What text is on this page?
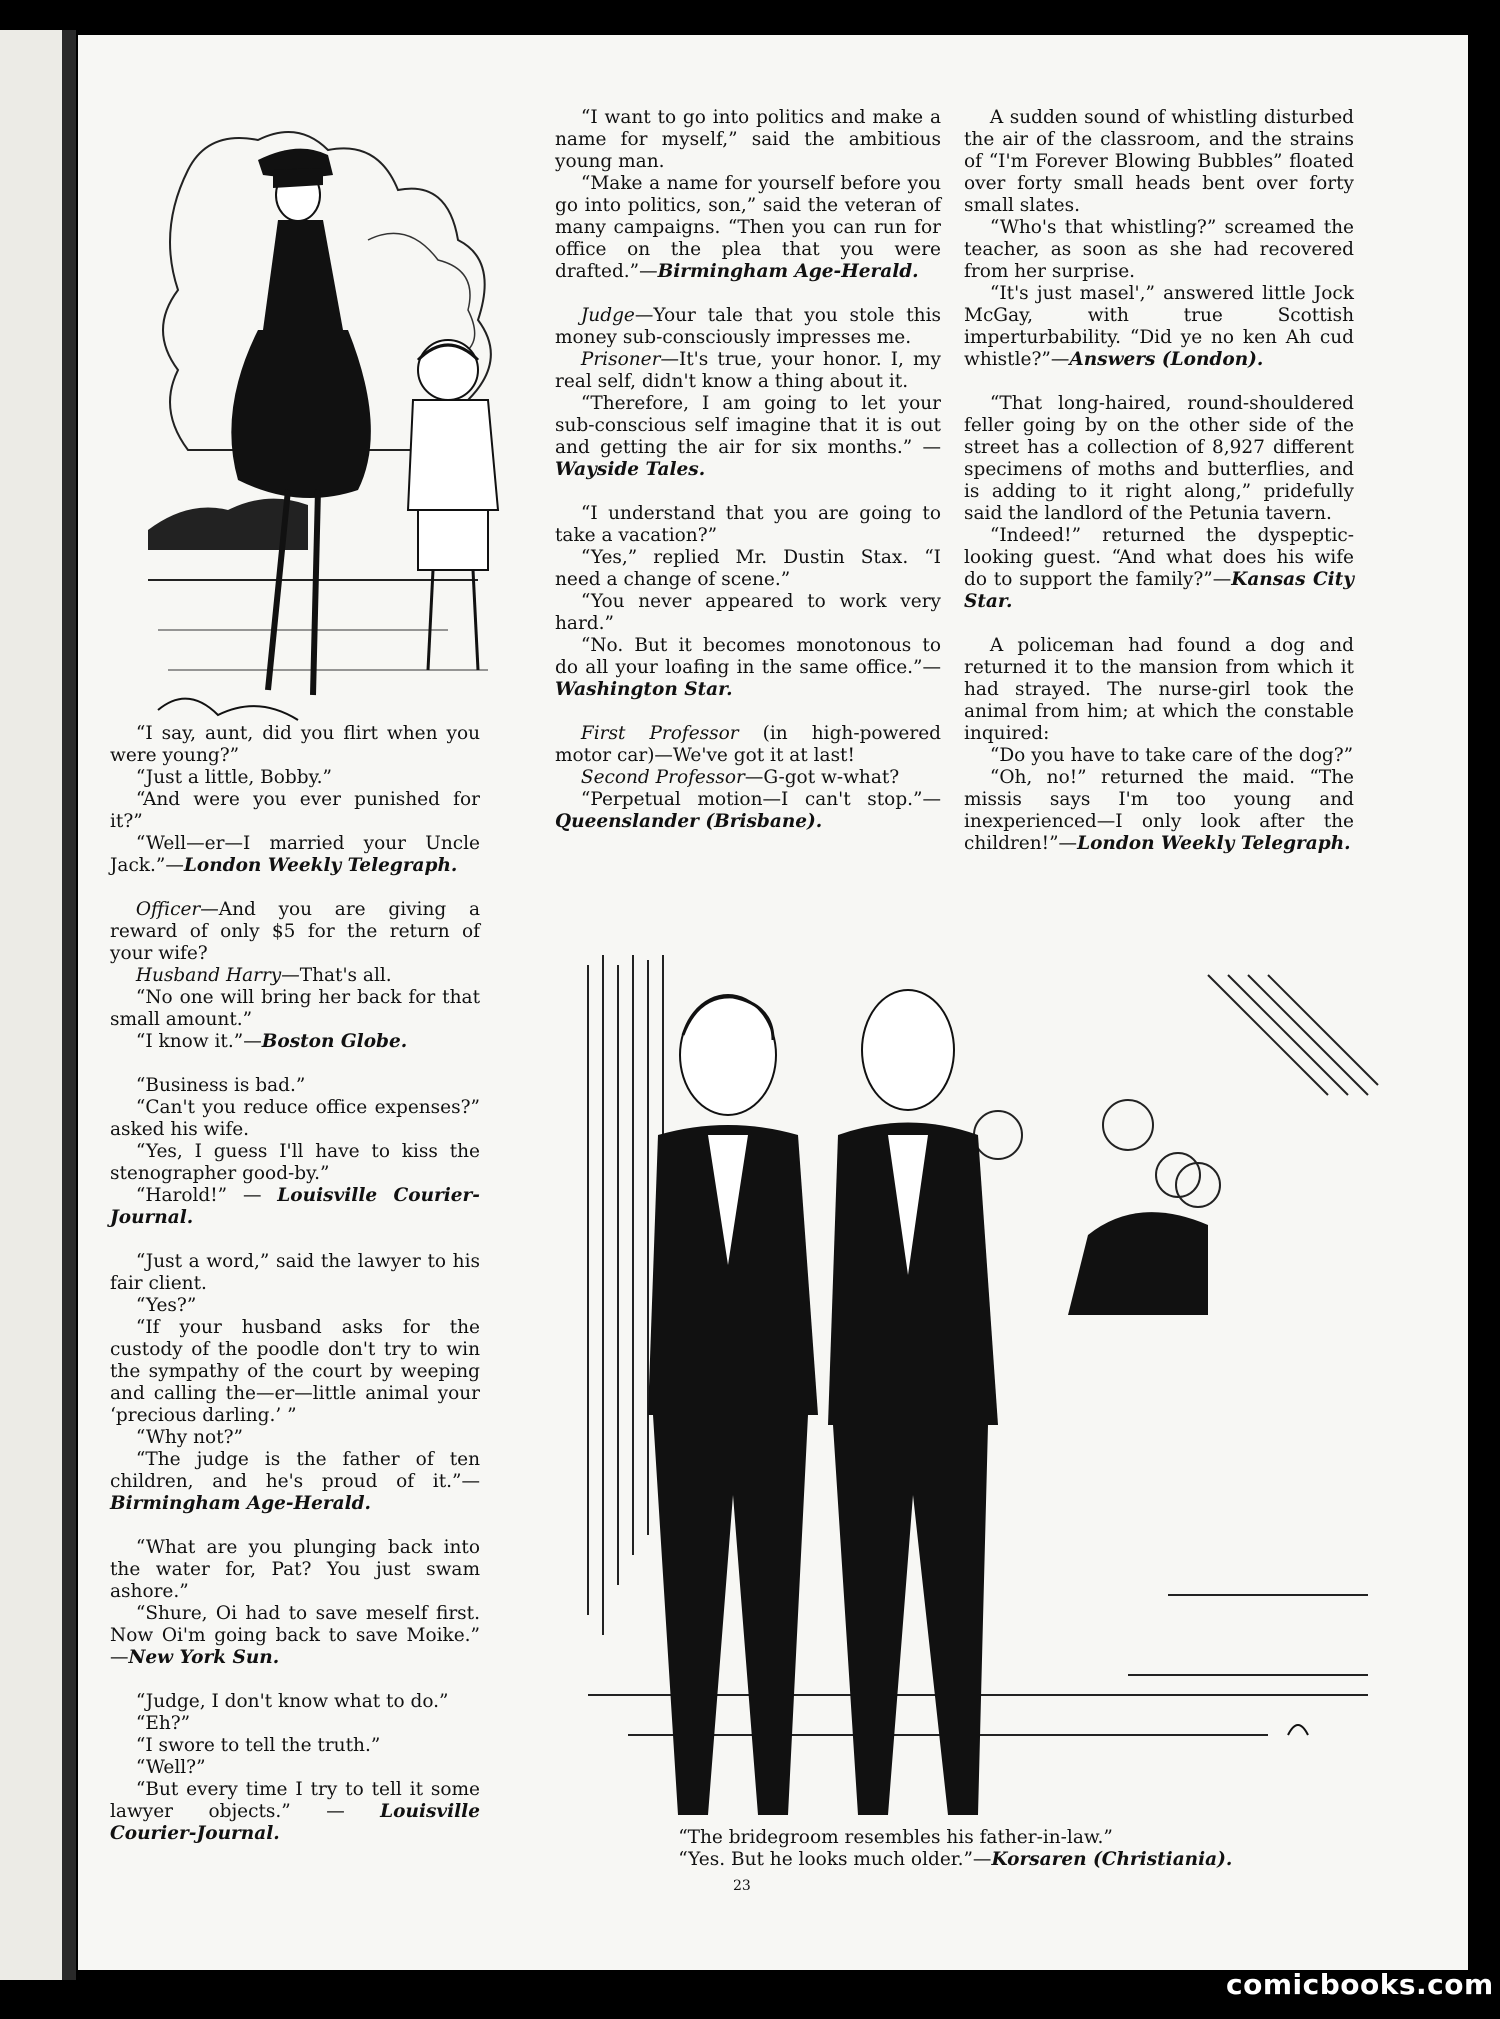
“I say, aunt, did you flirt when you were young?”

“Just a little, Bobby.”

“And were you ever punished for it?”

“Well—er—I married your Uncle Jack.”—London Weekly Telegraph.

Officer—And you are giving a reward of only $5 for the return of your wife?

Husband Harry—That's all.

“No one will bring her back for that small amount.”

“I know it.”—Boston Globe.

“Business is bad.”

“Can't you reduce office expenses?” asked his wife.

“Yes, I guess I'll have to kiss the stenographer good-by.”

“Harold!” — Louisville Courier-Journal.

“Just a word,” said the lawyer to his fair client.

“Yes?”

“If your husband asks for the custody of the poodle don't try to win the sympathy of the court by weeping and calling the—er—little animal your ‘precious darling.’ ”

“Why not?”

“The judge is the father of ten children, and he's proud of it.”—Birmingham Age-Herald.

“What are you plunging back into the water for, Pat? You just swam ashore.”

“Shure, Oi had to save meself first. Now Oi'm going back to save Moike.” —New York Sun.

“Judge, I don't know what to do.”

“Eh?”

“I swore to tell the truth.”

“Well?”

“But every time I try to tell it some lawyer objects.” — Louisville Courier-Journal.

“I want to go into politics and make a name for myself,” said the ambitious young man.

“Make a name for yourself before you go into politics, son,” said the veteran of many campaigns. “Then you can run for office on the plea that you were drafted.”—Birmingham Age-Herald.

Judge—Your tale that you stole this money sub-consciously impresses me.

Prisoner—It's true, your honor. I, my real self, didn't know a thing about it.

“Therefore, I am going to let your sub-conscious self imagine that it is out and getting the air for six months.” —Wayside Tales.

“I understand that you are going to take a vacation?”

“Yes,” replied Mr. Dustin Stax. “I need a change of scene.”

“You never appeared to work very hard.”

“No. But it becomes monotonous to do all your loafing in the same office.”—Washington Star.

First Professor (in high-powered motor car)—We've got it at last!

Second Professor—G-got w-what?

“Perpetual motion—I can't stop.”— Queenslander (Brisbane).

A sudden sound of whistling disturbed the air of the classroom, and the strains of “I'm Forever Blowing Bubbles” floated over forty small heads bent over forty small slates.

“Who's that whistling?” screamed the teacher, as soon as she had recovered from her surprise.

“It's just masel',” answered little Jock McGay, with true Scottish imperturbability. “Did ye no ken Ah cud whistle?”—Answers (London).

“That long-haired, round-shouldered feller going by on the other side of the street has a collection of 8,927 different specimens of moths and butterflies, and is adding to it right along,” pridefully said the landlord of the Petunia tavern.

“Indeed!” returned the dyspeptic-looking guest. “And what does his wife do to support the family?”—Kansas City Star.

A policeman had found a dog and returned it to the mansion from which it had strayed. The nurse-girl took the animal from him; at which the constable inquired:

“Do you have to take care of the dog?”

“Oh, no!” returned the maid. “The missis says I'm too young and inexperienced—I only look after the children!”—London Weekly Telegraph.

“The bridegroom resembles his father-in-law.”

“Yes. But he looks much older.”—Korsaren (Christiania).

23
comicbooks.com
